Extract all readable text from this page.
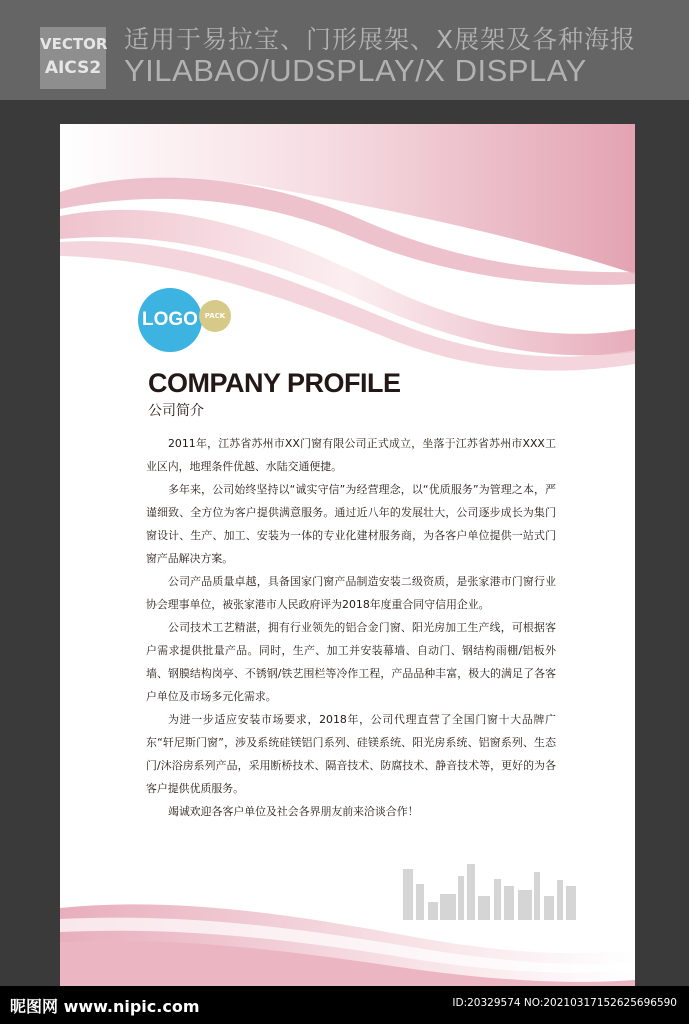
VECTOR
AICS2
适用于易拉宝、门形展架、X展架及各种海报
YILABAO/UDSPLAY/X DISPLAY
LOGO PACK
COMPANY PROFILE
公司简介

2011年，江苏省苏州市XX门窗有限公司正式成立，坐落于江苏省苏州市XXX工业区内，地理条件优越、水陆交通便捷。

多年来，公司始终坚持以“诚实守信”为经营理念，以“优质服务”为管理之本，严谨细致、全方位为客户提供满意服务。通过近八年的发展壮大，公司逐步成长为集门窗设计、生产、加工、安装为一体的专业化建材服务商，为各客户单位提供一站式门窗产品解决方案。

公司产品质量卓越，具备国家门窗产品制造安装二级资质，是张家港市门窗行业协会理事单位，被张家港市人民政府评为2018年度重合同守信用企业。

公司技术工艺精湛，拥有行业领先的铝合金门窗、阳光房加工生产线，可根据客户需求提供批量产品。同时，生产、加工并安装幕墙、自动门、钢结构雨棚/铝板外墙、钢膜结构岗亭、不锈钢/铁艺围栏等冷作工程，产品品种丰富，极大的满足了各客户单位及市场多元化需求。

为进一步适应安装市场要求，2018年，公司代理直营了全国门窗十大品牌广东“轩尼斯门窗”，涉及系统硅镁铝门系列、硅镁系统、阳光房系统、铝窗系列、生态门/沐浴房系列产品，采用断桥技术、隔音技术、防腐技术、静音技术等，更好的为各客户提供优质服务。

竭诚欢迎各客户单位及社会各界朋友前来洽谈合作！

昵图网 www.nipic.com	ID:20329574 NO:20210317152625696590
